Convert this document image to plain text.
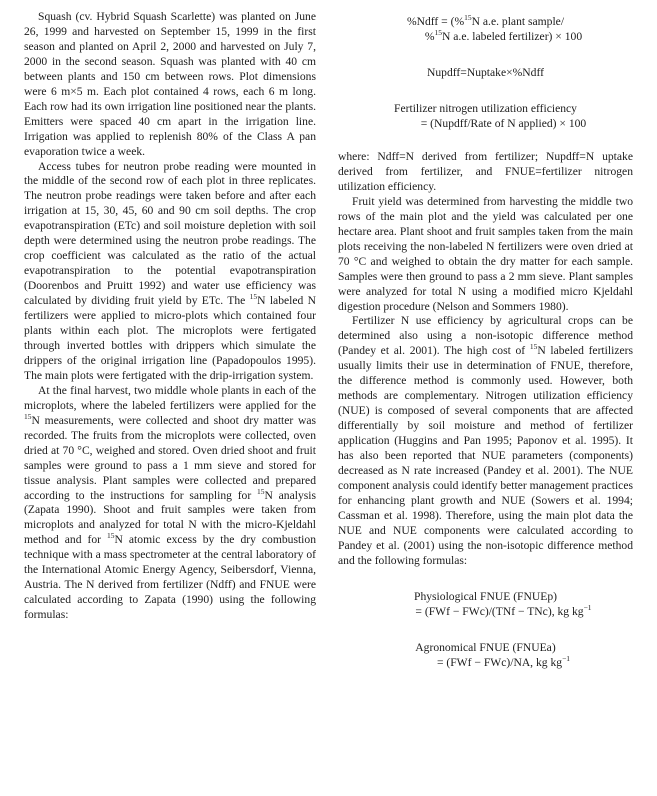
Squash (cv. Hybrid Squash Scarlette) was planted on June 26, 1999 and harvested on September 15, 1999 in the first season and planted on April 2, 2000 and harvested on July 7, 2000 in the second season. Squash was planted with 40 cm between plants and 150 cm between rows. Plot dimensions were 6 m×5 m. Each plot contained 4 rows, each 6 m long. Each row had its own irrigation line positioned near the plants. Emitters were spaced 40 cm apart in the irrigation line. Irrigation was applied to replenish 80% of the Class A pan evaporation twice a week.

Access tubes for neutron probe reading were mounted in the middle of the second row of each plot in three replicates. The neutron probe readings were taken before and after each irrigation at 15, 30, 45, 60 and 90 cm soil depths. The crop evapotranspiration (ETc) and soil moisture depletion with soil depth were determined using the neutron probe readings. The crop coefficient was calculated as the ratio of the actual evapotranspiration to the potential evapotranspiration (Doorenbos and Pruitt 1992) and water use efficiency was calculated by dividing fruit yield by ETc. The $^{15}$N labeled N fertilizers were applied to micro-plots which contained four plants within each plot. The microplots were fertigated through inverted bottles with drippers which simulate the drippers of the original irrigation line (Papadopoulos 1995). The main plots were fertigated with the drip-irrigation system.

At the final harvest, two middle whole plants in each of the microplots, where the labeled fertilizers were applied for the $^{15}$N measurements, were collected and shoot dry matter was recorded. The fruits from the microplots were collected, oven dried at 70 °C, weighed and stored. Oven dried shoot and fruit samples were ground to pass a 1 mm sieve and stored for tissue analysis. Plant samples were collected and prepared according to the instructions for sampling for $^{15}$N analysis (Zapata 1990). Shoot and fruit samples were taken from microplots and analyzed for total N with the micro-Kjeldahl method and for $^{15}$N atomic excess by the dry combustion technique with a mass spectrometer at the central laboratory of the International Atomic Energy Agency, Seibersdorf, Vienna, Austria. The N derived from fertilizer (Ndff) and FNUE were calculated according to Zapata (1990) using the following formulas:

%Ndff = (%$^{15}$N a.e. plant sample/
%$^{15}$N a.e. labeled fertilizer) × 100
Nupdff=Nuptake×%Ndff
Fertilizer nitrogen utilization efficiency
= (Nupdff/Rate of N applied) × 100

where: Ndff=N derived from fertilizer; Nupdff=N uptake derived from fertilizer, and FNUE=fertilizer nitrogen utilization efficiency.

Fruit yield was determined from harvesting the middle two rows of the main plot and the yield was calculated per one hectare area. Plant shoot and fruit samples taken from the main plots receiving the non-labeled N fertilizers were oven dried at 70 °C and weighed to obtain the dry matter for each sample. Samples were then ground to pass a 2 mm sieve. Plant samples were analyzed for total N using a modified micro Kjeldahl digestion procedure (Nelson and Sommers 1980).

Fertilizer N use efficiency by agricultural crops can be determined also using a non-isotopic difference method (Pandey et al. 2001). The high cost of $^{15}$N labeled fertilizers usually limits their use in determination of FNUE, therefore, the difference method is commonly used. However, both methods are complementary. Nitrogen utilization efficiency (NUE) is composed of several components that are affected differentially by soil moisture and method of fertilizer application (Huggins and Pan 1995; Paponov et al. 1995). It has also been reported that NUE parameters (components) decreased as N rate increased (Pandey et al. 2001). The NUE component analysis could identify better management practices for enhancing plant growth and NUE (Sowers et al. 1994; Cassman et al. 1998). Therefore, using the main plot data the NUE and NUE components were calculated according to Pandey et al. (2001) using the non-isotopic difference method and the following formulas:

Physiological FNUE (FNUEp)
= (FWf − FWc)/(TNf − TNc), kg $kg^{-1}$
Agronomical FNUE (FNUEa)
= (FWf − FWc)/NA, kg $kg^{-1}$
